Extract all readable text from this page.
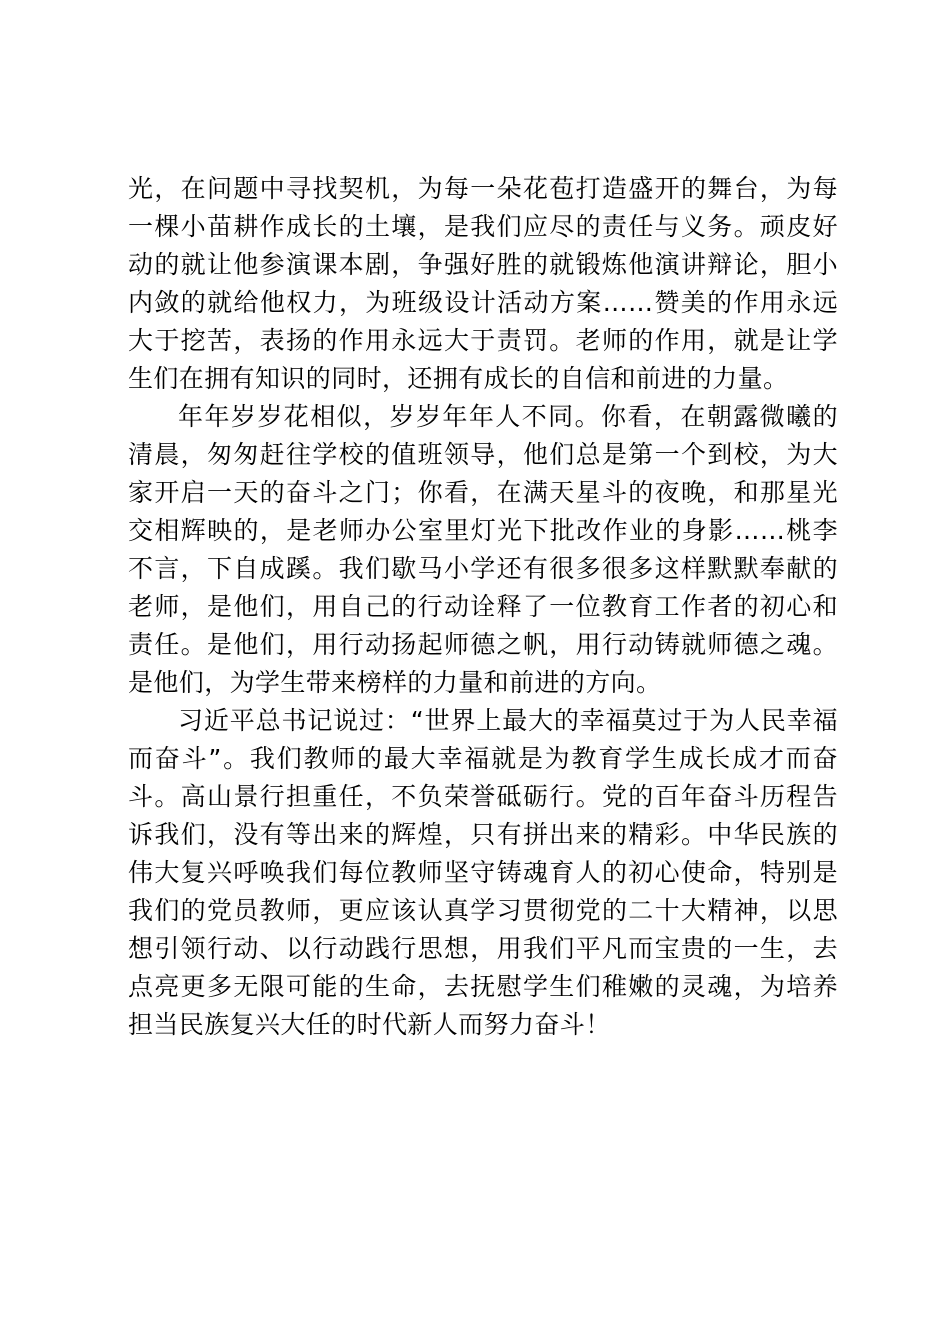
光，在问题中寻找契机，为每一朵花苞打造盛开的舞台，为每一棵小苗耕作成长的土壤，是我们应尽的责任与义务。顽皮好动的就让他参演课本剧，争强好胜的就锻炼他演讲辩论，胆小内敛的就给他权力，为班级设计活动方案……赞美的作用永远大于挖苦，表扬的作用永远大于责罚。老师的作用，就是让学生们在拥有知识的同时，还拥有成长的自信和前进的力量。

年年岁岁花相似，岁岁年年人不同。你看，在朝露微曦的清晨，匆匆赶往学校的值班领导，他们总是第一个到校，为大家开启一天的奋斗之门；你看，在满天星斗的夜晚，和那星光交相辉映的，是老师办公室里灯光下批改作业的身影……桃李不言，下自成蹊。我们歇马小学还有很多很多这样默默奉献的老师，是他们，用自己的行动诠释了一位教育工作者的初心和责任。是他们，用行动扬起师德之帆，用行动铸就师德之魂。是他们，为学生带来榜样的力量和前进的方向。

习近平总书记说过：“世界上最大的幸福莫过于为人民幸福而奋斗”。我们教师的最大幸福就是为教育学生成长成才而奋斗。高山景行担重任，不负荣誉砥砺行。党的百年奋斗历程告诉我们，没有等出来的辉煌，只有拼出来的精彩。中华民族的伟大复兴呼唤我们每位教师坚守铸魂育人的初心使命，特别是我们的党员教师，更应该认真学习贯彻党的二十大精神，以思想引领行动、以行动践行思想，用我们平凡而宝贵的一生，去点亮更多无限可能的生命，去抚慰学生们稚嫩的灵魂，为培养担当民族复兴大任的时代新人而努力奋斗！
